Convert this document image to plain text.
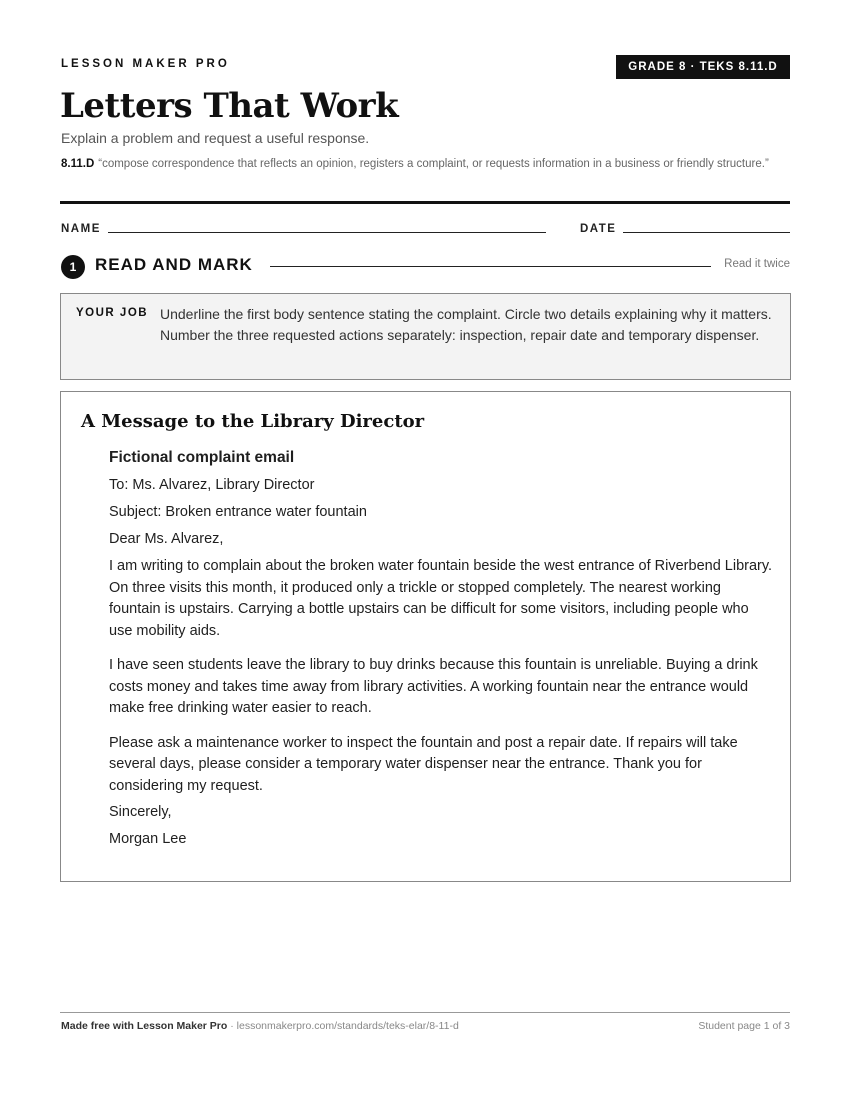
LESSON MAKER PRO	GRADE 8 · TEKS 8.11.D
Letters That Work
Explain a problem and request a useful response.
8.11.D “compose correspondence that reflects an opinion, registers a complaint, or requests information in a business or friendly structure.”
NAME	DATE
1	READ AND MARK	Read it twice
YOUR JOB Underline the first body sentence stating the complaint. Circle two details explaining why it matters. Number the three requested actions separately: inspection, repair date and temporary dispenser.
A Message to the Library Director

Fictional complaint email

To: Ms. Alvarez, Library Director

Subject: Broken entrance water fountain

Dear Ms. Alvarez,

I am writing to complain about the broken water fountain beside the west entrance of Riverbend Library. On three visits this month, it produced only a trickle or stopped completely. The nearest working fountain is upstairs. Carrying a bottle upstairs can be difficult for some visitors, including people who use mobility aids.

I have seen students leave the library to buy drinks because this fountain is unreliable. Buying a drink costs money and takes time away from library activities. A working fountain near the entrance would make free drinking water easier to reach.

Please ask a maintenance worker to inspect the fountain and post a repair date. If repairs will take several days, please consider a temporary water dispenser near the entrance. Thank you for considering my request.

Sincerely,

Morgan Lee

Made free with Lesson Maker Pro · lessonmakerpro.com/standards/teks-elar/8-11-d	Student page 1 of 3
